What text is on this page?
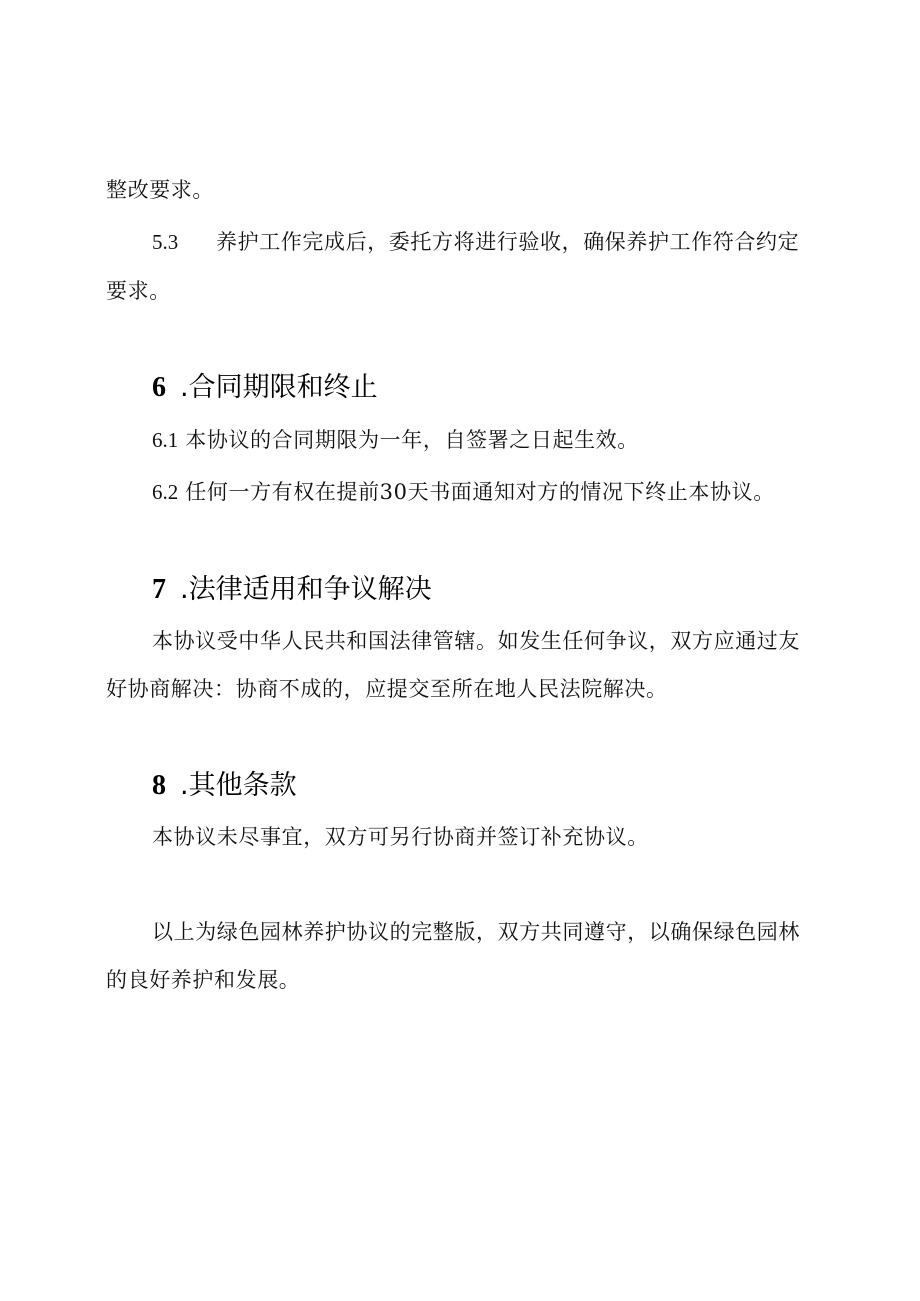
整改要求。
5.3 养护工作完成后，委托方将进行验收，确保养护工作符合约定
要求。
6 .合同期限和终止
6.1 本协议的合同期限为一年，自签署之日起生效。
6.2 任何一方有权在提前30天书面通知对方的情况下终止本协议。
7 .法律适用和争议解决
本协议受中华人民共和国法律管辖。如发生任何争议，双方应通过友
好协商解决：协商不成的，应提交至所在地人民法院解决。
8 .其他条款
本协议未尽事宜，双方可另行协商并签订补充协议。
以上为绿色园林养护协议的完整版，双方共同遵守，以确保绿色园林
的良好养护和发展。
